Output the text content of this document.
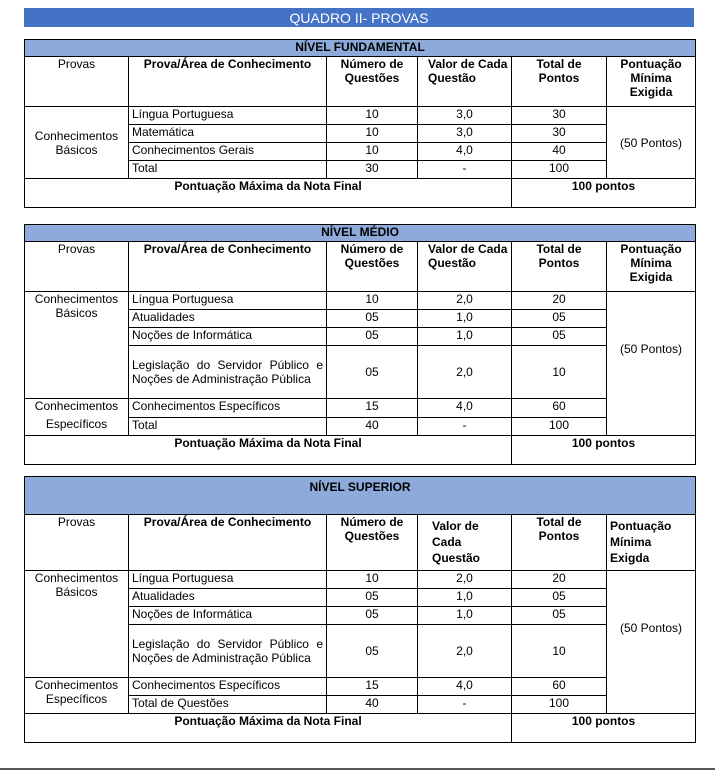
QUADRO II- PROVAS
NÍVEL FUNDAMENTAL					
Provas	Prova/Área de Conhecimento	Número de Questões	Valor de Cada Questão	Total de Pontos	Pontuação Mínima Exigida
Conhecimentos Básicos	Língua Portuguesa	10	3,0	30	(50 Pontos)
	Matemática	10	3,0	30	
	Conhecimentos Gerais	10	4,0	40	
	Total	30	-	100	
Pontuação Máxima da Nota Final				100 pontos	
NÍVEL MÉDIO					
Provas	Prova/Área de Conhecimento	Número de Questões	Valor de Cada Questão	Total de Pontos	Pontuação Mínima Exigida
Conhecimentos Básicos	Língua Portuguesa	10	2,0	20	(50 Pontos)
	Atualidades	05	1,0	05	
	Noções de Informática	05	1,0	05	
	Legislação do Servidor Público e Noções de Administração Pública	05	2,0	10	
Conhecimentos	Conhecimentos Específicos	15	4,0	60	
Específicos	Total	40	-	100	
Pontuação Máxima da Nota Final				100 pontos	
NÍVEL SUPERIOR					
Provas	Prova/Área de Conhecimento	Número de Questões	Valor de Cada Questão	Total de Pontos	Pontuação Mínima Exigda
Conhecimentos Básicos	Língua Portuguesa	10	2,0	20	(50 Pontos)
	Atualidades	05	1,0	05	
	Noções de Informática	05	1,0	05	
	Legislação do Servidor Público e Noções de Administração Pública	05	2,0	10	
Conhecimentos Específicos	Conhecimentos Específicos	15	4,0	60	
	Total de Questões	40	-	100	
Pontuação Máxima da Nota Final				100 pontos	
